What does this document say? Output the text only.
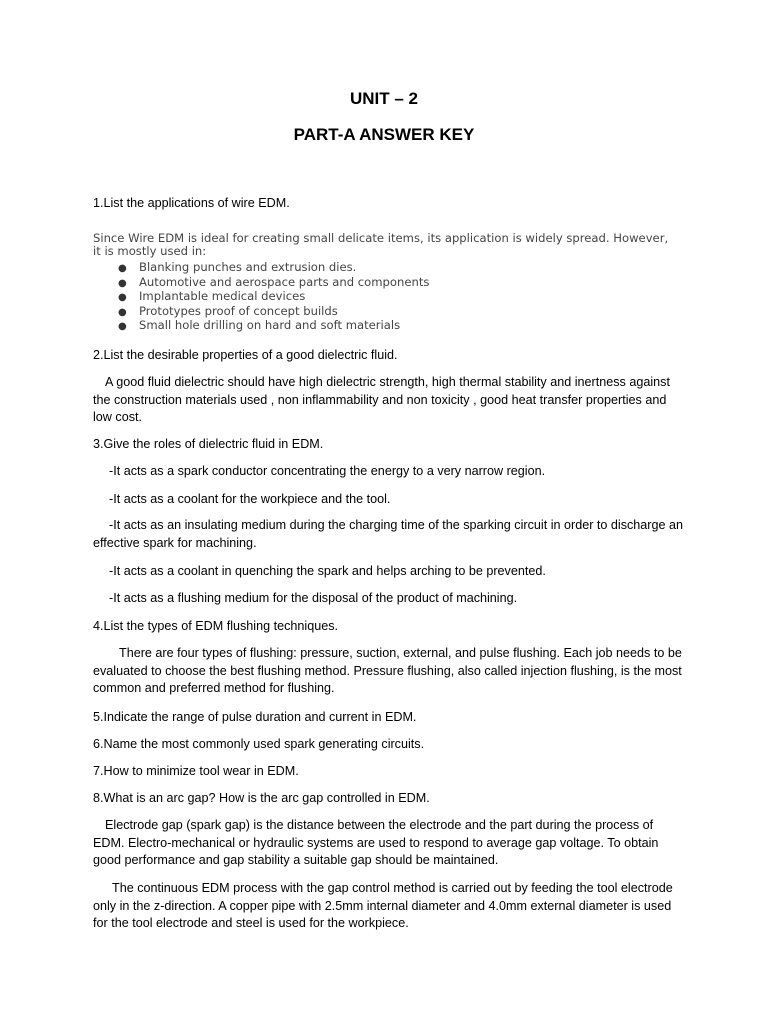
UNIT – 2
PART-A ANSWER KEY
1.List the applications of wire EDM.
Since Wire EDM is ideal for creating small delicate items, its application is widely spread. However, it is mostly used in:
● Blanking punches and extrusion dies.
● Automotive and aerospace parts and components
● Implantable medical devices
● Prototypes proof of concept builds
● Small hole drilling on hard and soft materials
2.List the desirable properties of a good dielectric fluid.
A good fluid dielectric should have high dielectric strength, high thermal stability and inertness against the construction materials used , non inflammability and non toxicity , good heat transfer properties and low cost.
3.Give the roles of dielectric fluid in EDM.
-It acts as a spark conductor concentrating the energy to a very narrow region.
-It acts as a coolant for the workpiece and the tool.
-It acts as an insulating medium during the charging time of the sparking circuit in order to discharge an effective spark for machining.
-It acts as a coolant in quenching the spark and helps arching to be prevented.
-It acts as a flushing medium for the disposal of the product of machining.
4.List the types of EDM flushing techniques.
There are four types of flushing: pressure, suction, external, and pulse flushing. Each job needs to be evaluated to choose the best flushing method. Pressure flushing, also called injection flushing, is the most common and preferred method for flushing.
5.Indicate the range of pulse duration and current in EDM.
6.Name the most commonly used spark generating circuits.
7.How to minimize tool wear in EDM.
8.What is an arc gap? How is the arc gap controlled in EDM.
Electrode gap (spark gap) is the distance between the electrode and the part during the process of EDM. Electro-mechanical or hydraulic systems are used to respond to average gap voltage. To obtain good performance and gap stability a suitable gap should be maintained.
The continuous EDM process with the gap control method is carried out by feeding the tool electrode only in the z-direction. A copper pipe with 2.5mm internal diameter and 4.0mm external diameter is used for the tool electrode and steel is used for the workpiece.
